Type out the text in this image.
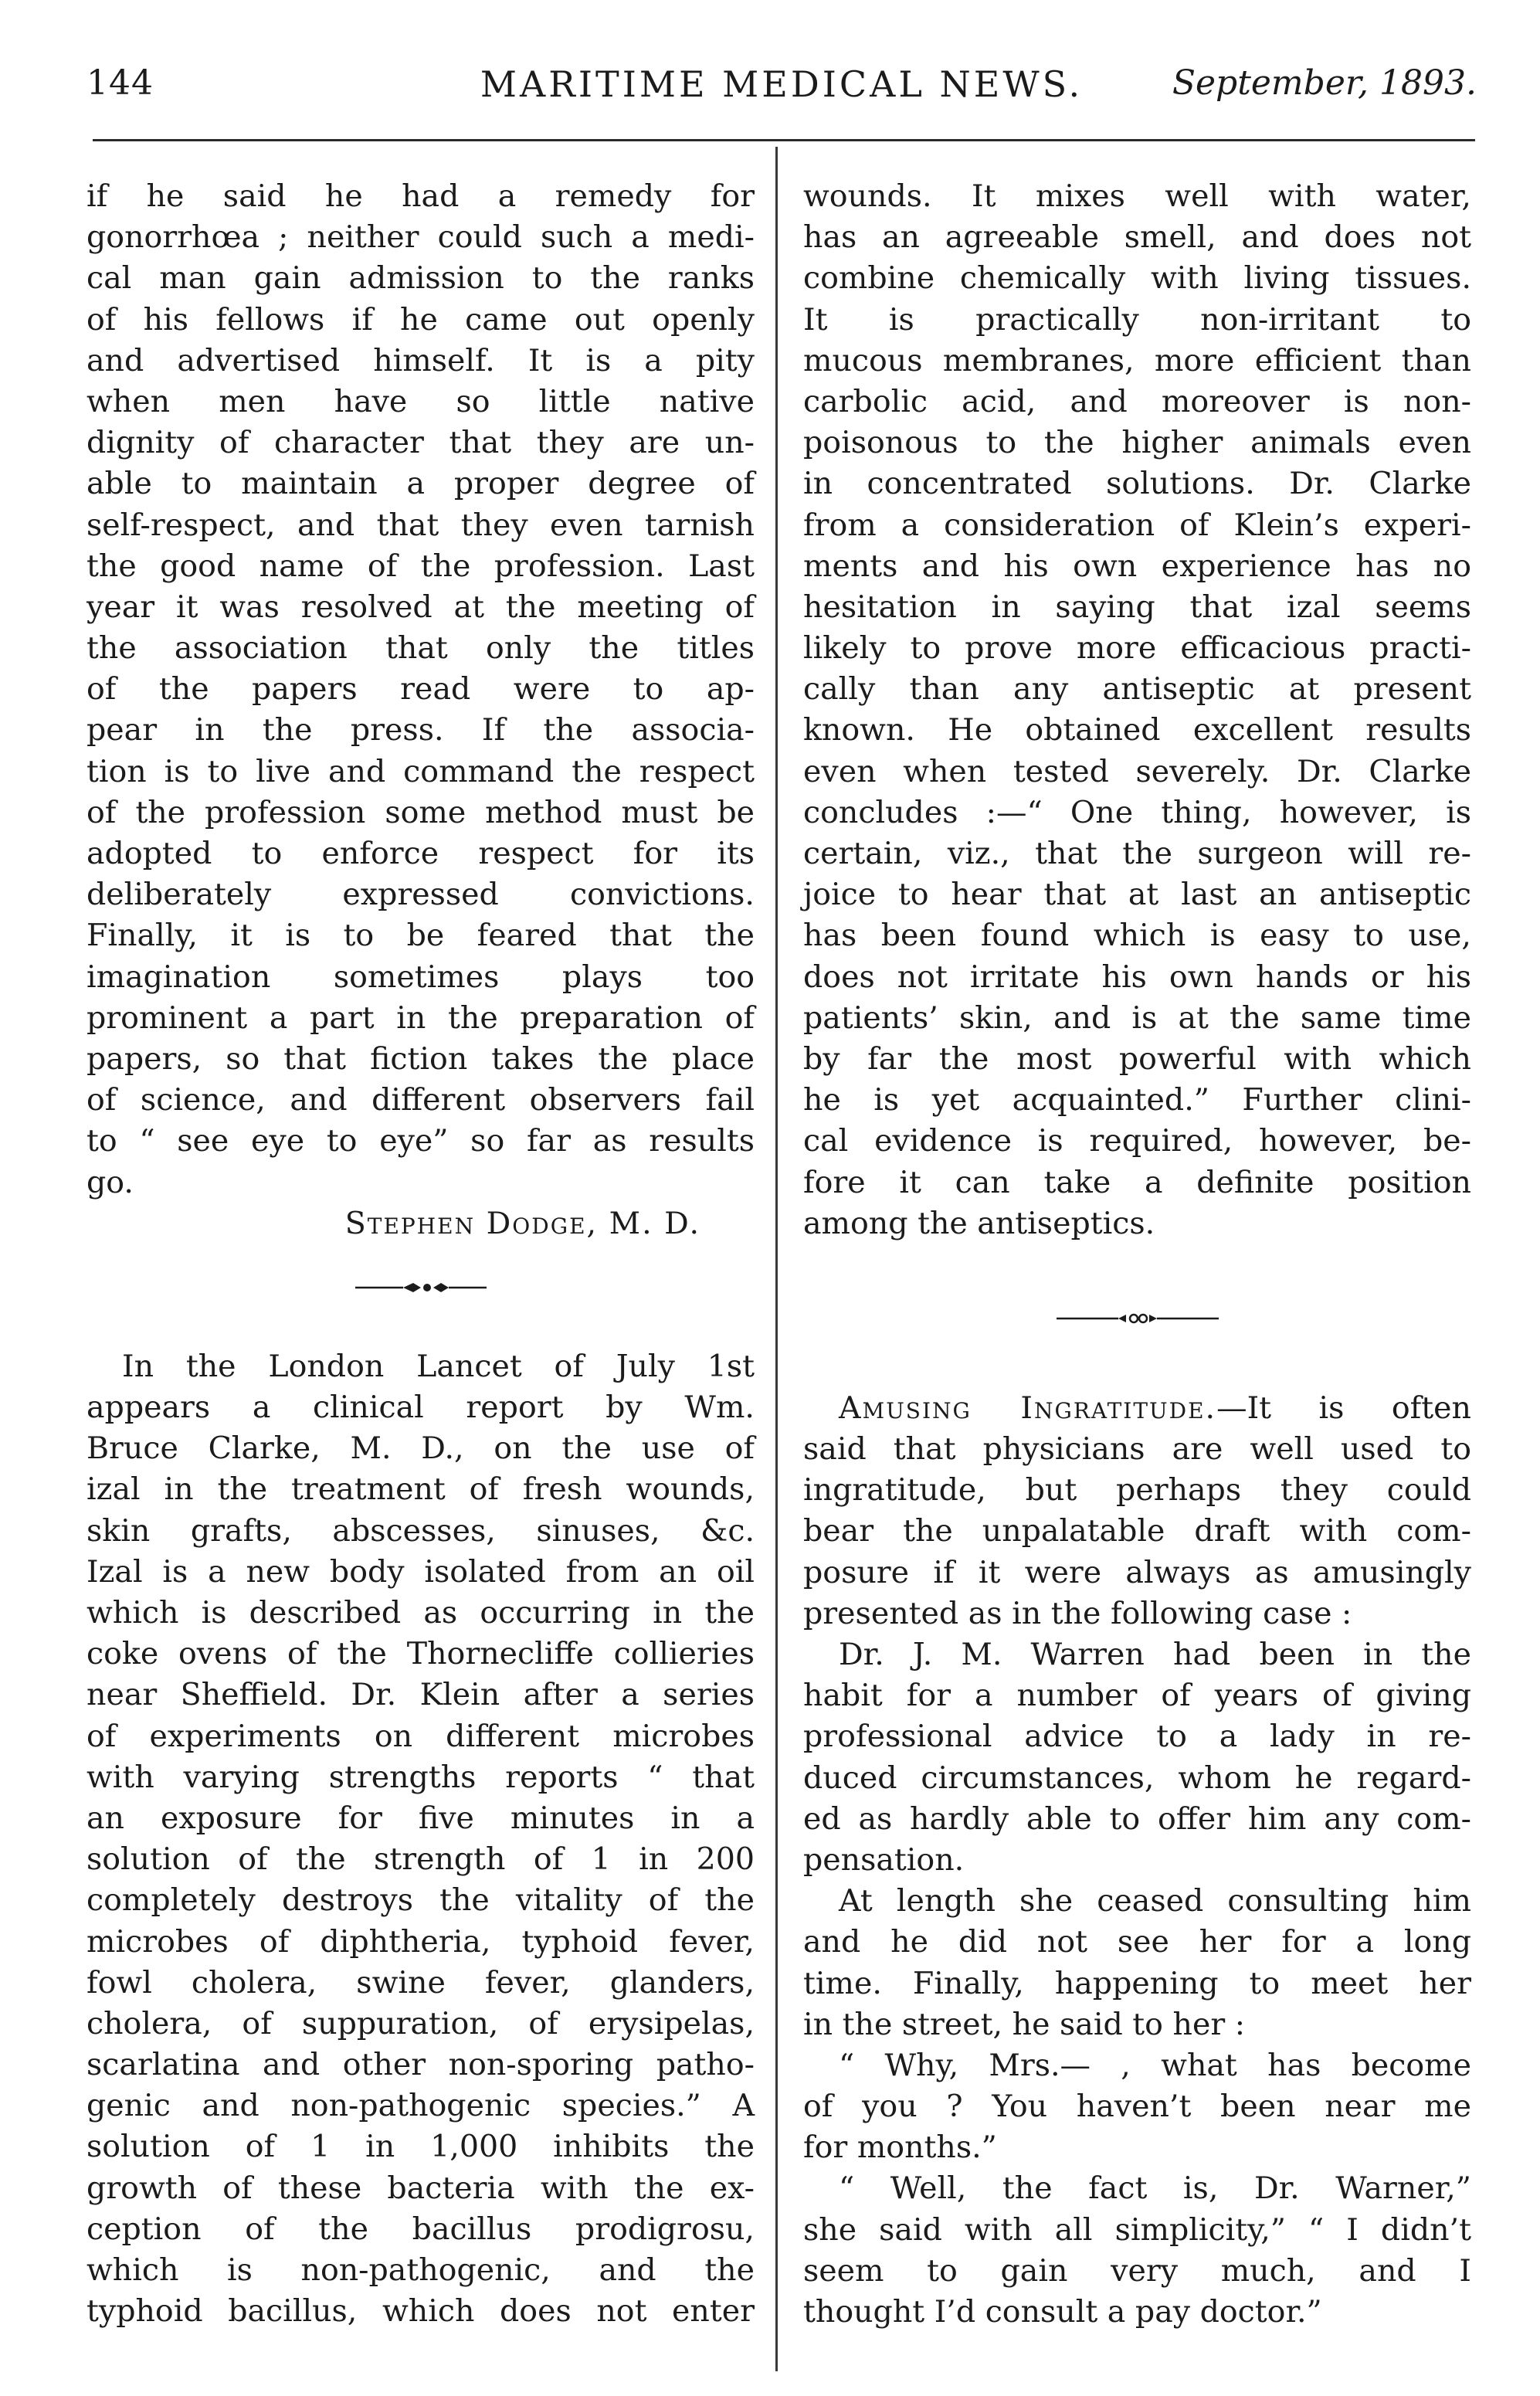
144	MARITIME MEDICAL NEWS.	September, 1893.
if he said he had a remedy for
gonorrhœa ; neither could such a medi-
cal man gain admission to the ranks
of his fellows if he came out openly
and advertised himself. It is a pity
when men have so little native
dignity of character that they are un-
able to maintain a proper degree of
self-respect, and that they even tarnish
the good name of the profession. Last
year it was resolved at the meeting of
the association that only the titles
of the papers read were to ap-
pear in the press. If the associa-
tion is to live and command the respect
of the profession some method must be
adopted to enforce respect for its
deliberately expressed convictions.
Finally, it is to be feared that the
imagination sometimes plays too
prominent a part in the preparation of
papers, so that fiction takes the place
of science, and different observers fail
to “ see eye to eye” so far as results
go.
Stephen Dodge, M. D.
In the London Lancet of July 1st
appears a clinical report by Wm.
Bruce Clarke, M. D., on the use of
izal in the treatment of fresh wounds,
skin grafts, abscesses, sinuses, &c.
Izal is a new body isolated from an oil
which is described as occurring in the
coke ovens of the Thornecliffe collieries
near Sheffield. Dr. Klein after a series
of experiments on different microbes
with varying strengths reports “ that
an exposure for five minutes in a
solution of the strength of 1 in 200
completely destroys the vitality of the
microbes of diphtheria, typhoid fever,
fowl cholera, swine fever, glanders,
cholera, of suppuration, of erysipelas,
scarlatina and other non-sporing patho-
genic and non-pathogenic species.” A
solution of 1 in 1,000 inhibits the
growth of these bacteria with the ex-
ception of the bacillus prodigrosu,
which is non-pathogenic, and the
typhoid bacillus, which does not enter
wounds. It mixes well with water,
has an agreeable smell, and does not
combine chemically with living tissues.
It is practically non-irritant to
mucous membranes, more efficient than
carbolic acid, and moreover is non-
poisonous to the higher animals even
in concentrated solutions. Dr. Clarke
from a consideration of Klein’s experi-
ments and his own experience has no
hesitation in saying that izal seems
likely to prove more efficacious practi-
cally than any antiseptic at present
known. He obtained excellent results
even when tested severely. Dr. Clarke
concludes :—“ One thing, however, is
certain, viz., that the surgeon will re-
joice to hear that at last an antiseptic
has been found which is easy to use,
does not irritate his own hands or his
patients’ skin, and is at the same time
by far the most powerful with which
he is yet acquainted.” Further clini-
cal evidence is required, however, be-
fore it can take a definite position
among the antiseptics.
Amusing Ingratitude.—It is often
said that physicians are well used to
ingratitude, but perhaps they could
bear the unpalatable draft with com-
posure if it were always as amusingly
presented as in the following case :
Dr. J. M. Warren had been in the
habit for a number of years of giving
professional advice to a lady in re-
duced circumstances, whom he regard-
ed as hardly able to offer him any com-
pensation.
At length she ceased consulting him
and he did not see her for a long
time. Finally, happening to meet her
in the street, he said to her :
“ Why, Mrs.— , what has become
of you ? You haven’t been near me
for months.”
“ Well, the fact is, Dr. Warner,”
she said with all simplicity,” “ I didn’t
seem to gain very much, and I
thought I’d consult a pay doctor.”
